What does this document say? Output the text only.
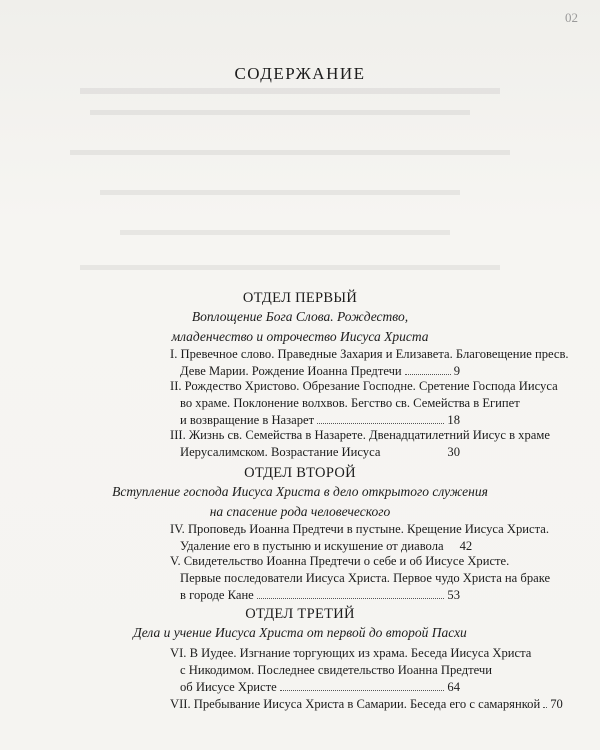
02
СОДЕРЖАНИЕ
ОТДЕЛ ПЕРВЫЙ
Воплощение Бога Слова. Рождество,
младенчество и отрочество Иисуса Христа
I. Превечное слово. Праведные Захария и Елизавета. Благовещение пресв.
Деве Марии. Рождение Иоанна Предтечи	9
II. Рождество Христово. Обрезание Господне. Сретение Господа Иисуса
во храме. Поклонение волхвов. Бегство св. Семейства в Египет
и возвращение в Назарет	18
III. Жизнь св. Семейства в Назарете. Двенадцатилетний Иисус в храме
Иерусалимском. Возрастание Иисуса	30
ОТДЕЛ ВТОРОЙ
Вступление господа Иисуса Христа в дело открытого служения
на спасение рода человеческого
IV. Проповедь Иоанна Предтечи в пустыне. Крещение Иисуса Христа.
Удаление его в пустыню и искушение от диавола 42
V. Свидетельство Иоанна Предтечи о себе и об Иисусе Христе.
Первые последователи Иисуса Христа. Первое чудо Христа на браке
в городе Кане	53
ОТДЕЛ ТРЕТИЙ
Дела и учение Иисуса Христа от первой до второй Пасхи
VI. В Иудее. Изгнание торгующих из храма. Беседа Иисуса Христа
с Никодимом. Последнее свидетельство Иоанна Предтечи
об Иисусе Христе	64
VII. Пребывание Иисуса Христа в Самарии. Беседа его с самарянкой 70
